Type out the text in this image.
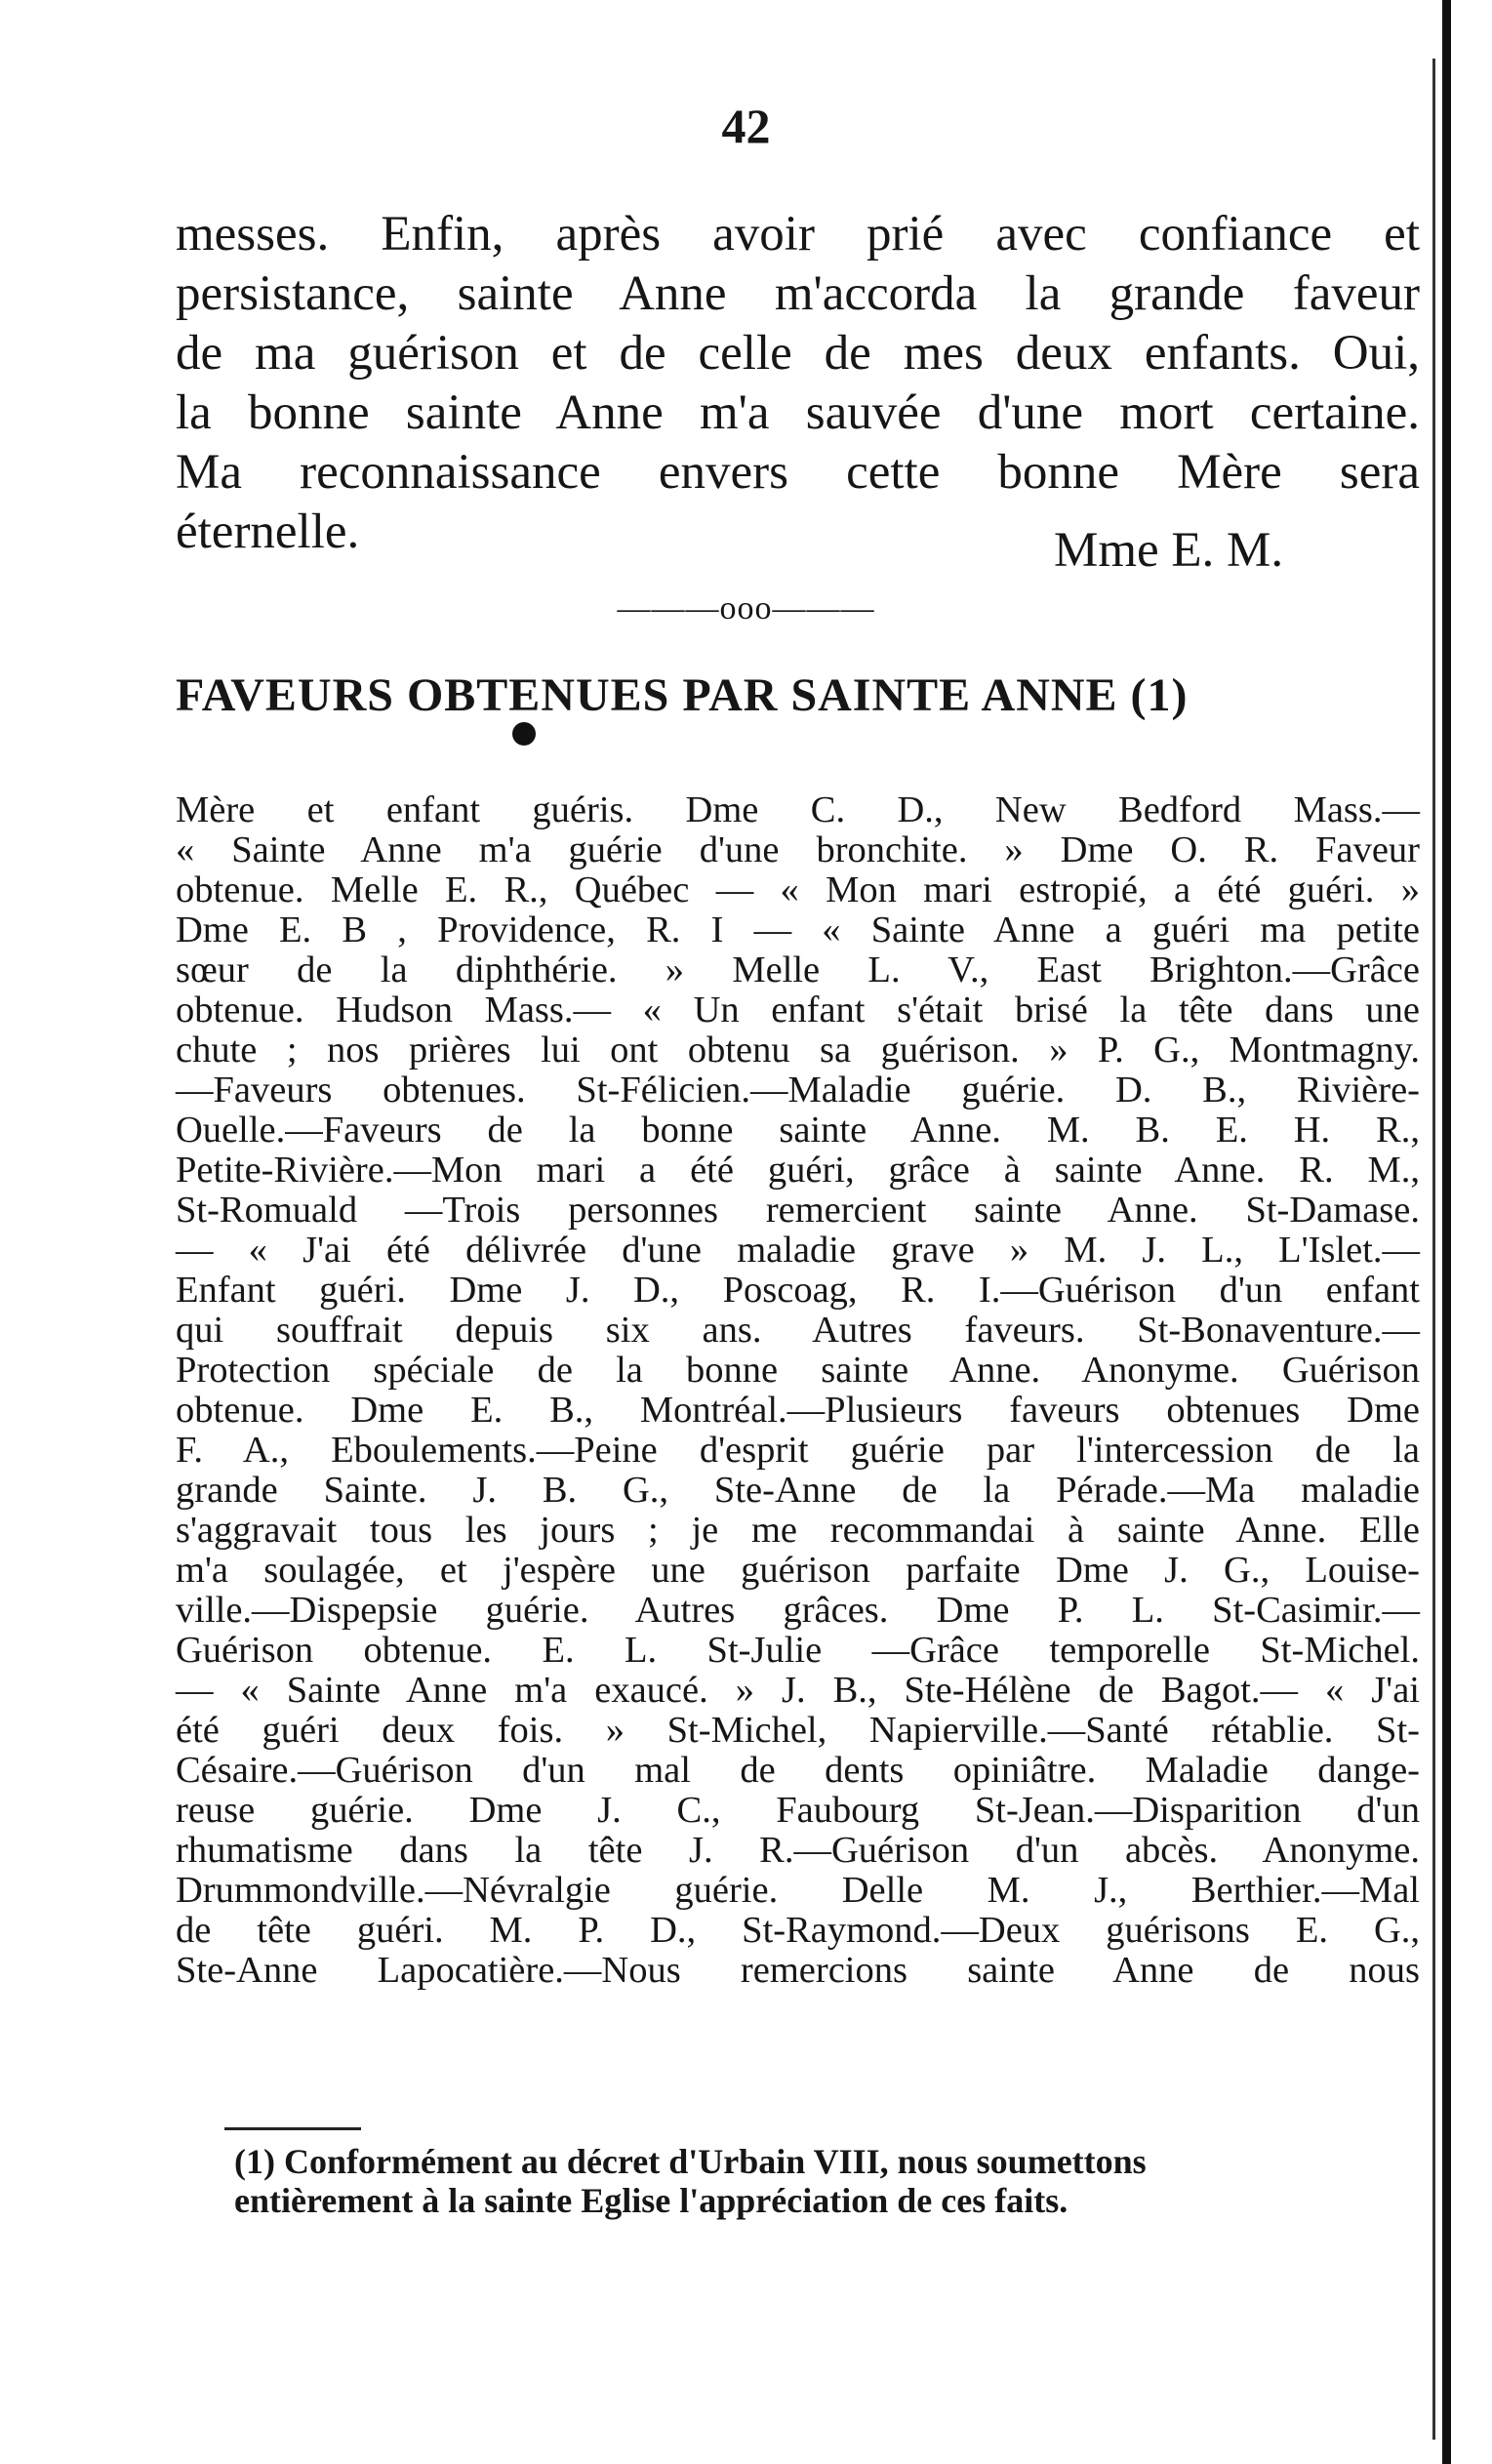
42
messes. Enfin, après avoir prié avec confiance et
persistance, sainte Anne m'accorda la grande faveur
de ma guérison et de celle de mes deux enfants. Oui,
la bonne sainte Anne m'a sauvée d'une mort certaine.
Ma reconnaissance envers cette bonne Mère sera
éternelle.	Mme E. M.
———ooo———
FAVEURS OBTENUES PAR SAINTE ANNE (1)
Mère et enfant guéris. Dme C. D., New Bedford Mass.—
« Sainte Anne m'a guérie d'une bronchite. » Dme O. R. Faveur
obtenue. Melle E. R., Québec — « Mon mari estropié, a été guéri. »
Dme E. B , Providence, R. I — « Sainte Anne a guéri ma petite
sœur de la diphthérie. » Melle L. V., East Brighton.—Grâce
obtenue. Hudson Mass.— « Un enfant s'était brisé la tête dans une
chute ; nos prières lui ont obtenu sa guérison. » P. G., Montmagny.
—Faveurs obtenues. St-Félicien.—Maladie guérie. D. B., Rivière-
Ouelle.—Faveurs de la bonne sainte Anne. M. B. E. H. R.,
Petite-Rivière.—Mon mari a été guéri, grâce à sainte Anne. R. M.,
St-Romuald —Trois personnes remercient sainte Anne. St-Damase.
— « J'ai été délivrée d'une maladie grave » M. J. L., L'Islet.—
Enfant guéri. Dme J. D., Poscoag, R. I.—Guérison d'un enfant
qui souffrait depuis six ans. Autres faveurs. St-Bonaventure.—
Protection spéciale de la bonne sainte Anne. Anonyme. Guérison
obtenue. Dme E. B., Montréal.—Plusieurs faveurs obtenues Dme
F. A., Eboulements.—Peine d'esprit guérie par l'intercession de la
grande Sainte. J. B. G., Ste-Anne de la Pérade.—Ma maladie
s'aggravait tous les jours ; je me recommandai à sainte Anne. Elle
m'a soulagée, et j'espère une guérison parfaite Dme J. G., Louise-
ville.—Dispepsie guérie. Autres grâces. Dme P. L. St-Casimir.—
Guérison obtenue. E. L. St-Julie —Grâce temporelle St-Michel.
— « Sainte Anne m'a exaucé. » J. B., Ste-Hélène de Bagot.— « J'ai
été guéri deux fois. » St-Michel, Napierville.—Santé rétablie. St-
Césaire.—Guérison d'un mal de dents opiniâtre. Maladie dange-
reuse guérie. Dme J. C., Faubourg St-Jean.—Disparition d'un
rhumatisme dans la tête J. R.—Guérison d'un abcès. Anonyme.
Drummondville.—Névralgie guérie. Delle M. J., Berthier.—Mal
de tête guéri. M. P. D., St-Raymond.—Deux guérisons E. G.,
Ste-Anne Lapocatière.—Nous remercions sainte Anne de nous
(1) Conformément au décret d'Urbain VIII, nous soumettons
entièrement à la sainte Eglise l'appréciation de ces faits.
